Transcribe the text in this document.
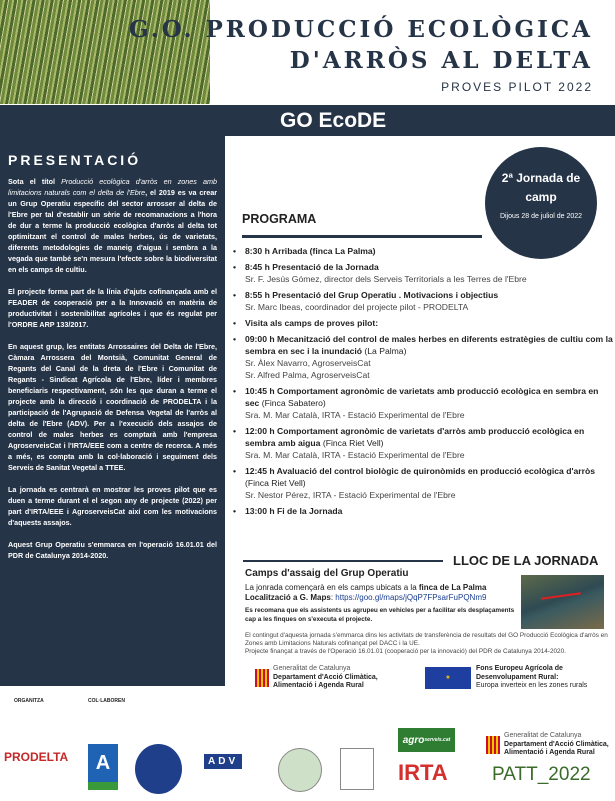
G.O. PRODUCCIÓ ECOLÒGICA
D'ARRÒS AL DELTA
PROVES PILOT 2022
GO EcoDE
PRESENTACIÓ

Sota el títol Producció ecològica d'arròs en zones amb limitacions naturals com el delta de l'Ebre, el 2019 es va crear un Grup Operatiu específic del sector arrosser al delta de l'Ebre per tal d'establir un sèrie de recomanacions a l'hora de dur a terme la producció ecològica d'arròs al delta tot optimitzant el control de males herbes, ús de varietats, diferents metodologies de maneig d'aigua i sembra a la vegada que també se'n mesura l'efecte sobre la biodiversitat en els camps de cultiu.

El projecte forma part de la línia d'ajuts cofinançada amb el FEADER de cooperació per a la Innovació en matèria de productivitat i sostenibilitat agrícoles i que és regulat per l'ORDRE ARP 133/2017.

En aquest grup, les entitats Arrossaires del Delta de l'Ebre, Càmara Arrossera del Montsià, Comunitat General de Regants del Canal de la dreta de l'Ebre i Comunitat de Regants - Sindicat Agrícola de l'Ebre, líder i membres beneficiaris respectivament, són les que duran a terme el projecte amb la direcció i coordinació de PRODELTA i la participació de l'Agrupació de Defensa Vegetal de l'arròs al delta de l'Ebre (ADV). Per a l'execució dels assajos de control de males herbes es comptarà amb l'empresa AgroserveisCat i l'IRTA/EEE com a centre de recerca. A més a més, es compta amb la col·laboració i seguiment dels Serveis de Sanitat Vegetal a TTEE.

La jornada es centrarà en mostrar les proves pilot que es duen a terme durant el el segon any de projecte (2022) per part d'IRTA/EEE i AgroserveisCat així com les motivacions d'aquests assajos.

Aquest Grup Operatiu s'emmarca en l'operació 16.01.01 del PDR de Catalunya 2014-2020.

2ª Jornada de camp
Dijous 28 de juliol de 2022
PROGRAMA
• 8:30 h Arribada (finca La Palma)
• 8:45 h Presentació de la Jornada
Sr. F. Jesús Gómez, director dels Serveis Territorials a les Terres de l'Ebre
• 8:55 h Presentació del Grup Operatiu . Motivacions i objectius
Sr. Marc Ibeas, coordinador del projecte pilot - PRODELTA
• Visita als camps de proves pilot:
• 09:00 h Mecanització del control de males herbes en diferents estratègies de cultiu com la sembra en sec i la inundació (La Palma)
Sr. Àlex Navarro, AgroserveisCat
Sr. Alfred Palma, AgroserveisCat
• 10:45 h Comportament agronòmic de varietats amb producció ecològica en sembra en sec (Finca Sabatero)
Sra. M. Mar Català, IRTA - Estació Experimental de l'Ebre
• 12:00 h Comportament agronòmic de varietats d'arròs amb producció ecològica en sembra amb aigua (Finca Riet Vell)
Sra. M. Mar Català, IRTA - Estació Experimental de l'Ebre
• 12:45 h Avaluació del control biològic de quironòmids en producció ecològica d'arròs (Finca Riet Vell)
Sr. Nestor Pérez, IRTA - Estació Experimental de l'Ebre
• 13:00 h Fi de la Jornada
LLOC DE LA JORNADA
Camps d'assaig del Grup Operatiu
La jonrada començarà en els camps ubicats a la finca de La Palma
Localització a G. Maps: https://goo.gl/maps/jQqP7FPsarFuPQNm9
Es recomana que els assistents us agrupeu en vehicles per a facilitar els desplaçaments cap a les finques on s'executa el projecte.
El contingut d'aquesta jornada s'emmarca dins les activitats de transferència de resultats del GO Producció Ecològica d'arròs en Zones amb Limitacions Naturals cofinançat pel DACC i la UE.
Projecte finançat a través de l'Operació 16.01.01 (cooperació per la innovació) del PDR de Catalunya 2014-2020.
Generalitat de Catalunya
Departament d'Acció Climàtica,
Alimentació i Agenda Rural
★
Fons Europeu Agrícola de
Desenvolupament Rural:
Europa inverteix en les zones rurals
ORGANITZA	COL·LABOREN
PRODELTA	A	ADV
agro serveis.cat
IRTA
Generalitat de Catalunya
Departament d'Acció Climàtica,
Alimentació i Agenda Rural
PATT_2022
